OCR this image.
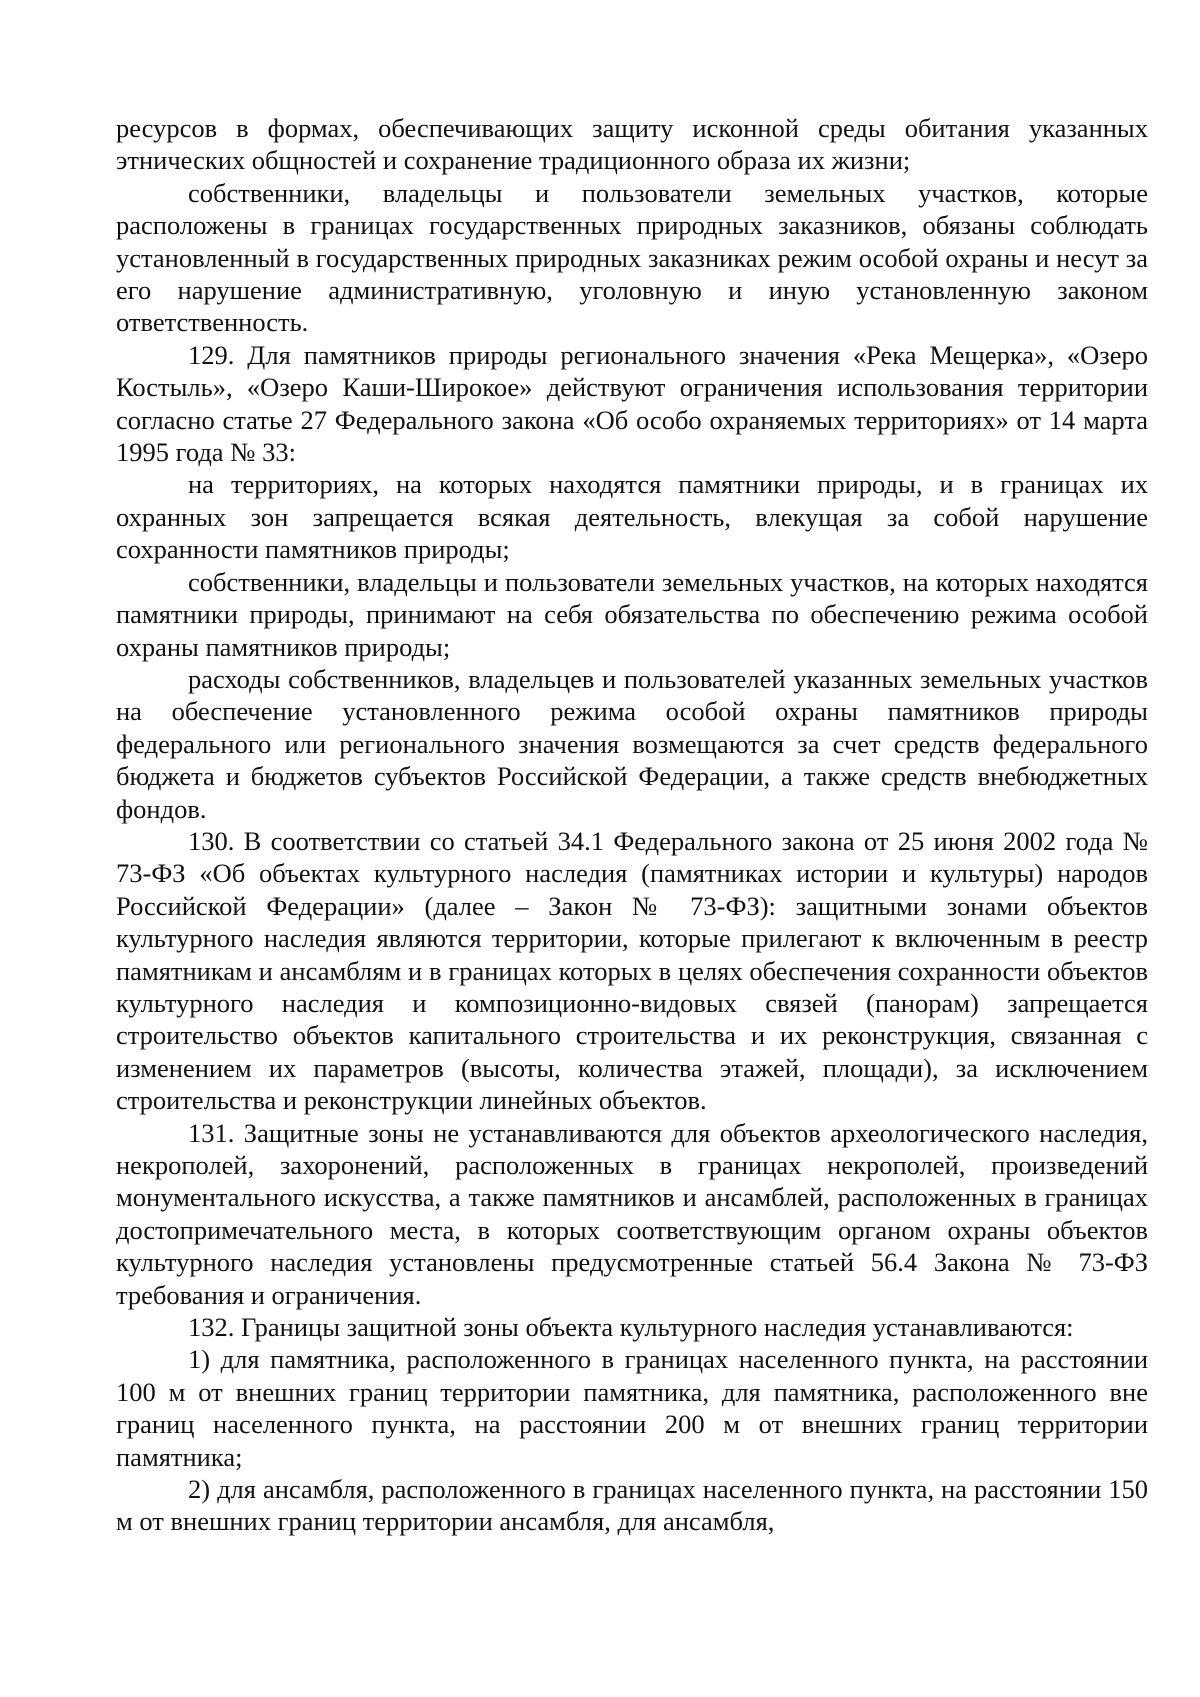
ресурсов в формах, обеспечивающих защиту исконной среды обитания указанных этнических общностей и сохранение традиционного образа их жизни;

собственники, владельцы и пользователи земельных участков, которые расположены в границах государственных природных заказников, обязаны соблюдать установленный в государственных природных заказниках режим особой охраны и несут за его нарушение административную, уголовную и иную установленную законом ответственность.

129. Для памятников природы регионального значения «Река Мещерка», «Озеро Костыль», «Озеро Каши-Широкое» действуют ограничения использования территории согласно статье 27 Федерального закона «Об особо охраняемых территориях» от 14 марта 1995 года № 33:

на территориях, на которых находятся памятники природы, и в границах их охранных зон запрещается всякая деятельность, влекущая за собой нарушение сохранности памятников природы;

собственники, владельцы и пользователи земельных участков, на которых находятся памятники природы, принимают на себя обязательства по обеспечению режима особой охраны памятников природы;

расходы собственников, владельцев и пользователей указанных земельных участков на обеспечение установленного режима особой охраны памятников природы федерального или регионального значения возмещаются за счет средств федерального бюджета и бюджетов субъектов Российской Федерации, а также средств внебюджетных фондов.

130. В соответствии со статьей 34.1 Федерального закона от 25 июня 2002 года № 73-ФЗ «Об объектах культурного наследия (памятниках истории и культуры) народов Российской Федерации» (далее – Закон № 73-ФЗ): защитными зонами объектов культурного наследия являются территории, которые прилегают к включенным в реестр памятникам и ансамблям и в границах которых в целях обеспечения сохранности объектов культурного наследия и композиционно-видовых связей (панорам) запрещается строительство объектов капитального строительства и их реконструкция, связанная с изменением их параметров (высоты, количества этажей, площади), за исключением строительства и реконструкции линейных объектов.

131. Защитные зоны не устанавливаются для объектов археологического наследия, некрополей, захоронений, расположенных в границах некрополей, произведений монументального искусства, а также памятников и ансамблей, расположенных в границах достопримечательного места, в которых соответствующим органом охраны объектов культурного наследия установлены предусмотренные статьей 56.4 Закона № 73-ФЗ требования и ограничения.

132. Границы защитной зоны объекта культурного наследия устанавливаются:

1) для памятника, расположенного в границах населенного пункта, на расстоянии 100 м от внешних границ территории памятника, для памятника, расположенного вне границ населенного пункта, на расстоянии 200 м от внешних границ территории памятника;

2) для ансамбля, расположенного в границах населенного пункта, на расстоянии 150 м от внешних границ территории ансамбля, для ансамбля,
